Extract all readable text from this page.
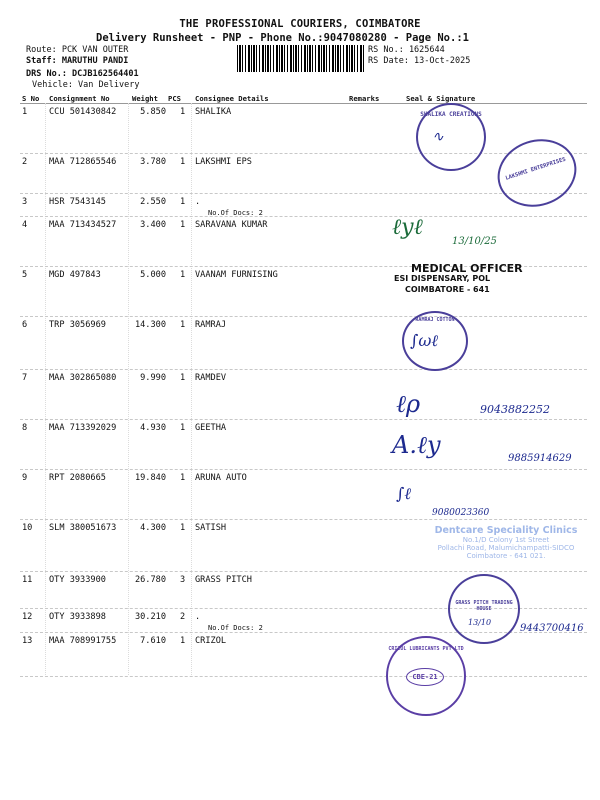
THE PROFESSIONAL COURIERS, COIMBATORE
Delivery Runsheet - PNP - Phone No.:9047080280 - Page No.:1
Route: PCK VAN OUTER
Staff: MARUTHU PANDI
DRS No.: DCJB162564401
Vehicle: Van Delivery
RS No.: 1625644
RS Date: 13-Oct-2025
S No Consignment No	Weight PCS Consignee Details	Remarks	Seal & Signature
1	CCU 501430842	5.850 1 SHALIKA
2	MAA 712865546	3.780 1 LAKSHMI EPS
3	HSR 7543145	2.550 1 .
No.Of Docs: 2
4	MAA 713434527	3.400 1 SARAVANA KUMAR
5	MGD 497843	5.000 1 VAANAM FURNISING
6	TRP 3056969	14.300 1 RAMRAJ
7	MAA 302865080	9.990 1 RAMDEV
8	MAA 713392029	4.930 1 GEETHA
9	RPT 2080665	19.840 1 ARUNA AUTO
10 SLM 380051673	4.300 1 SATISH
11 OTY 3933900	26.780 3 GRASS PITCH
12 OTY 3933898	30.210 2 .
No.Of Docs: 2
13 MAA 708991755	7.610 1 CRIZOL
SHALIKA CREATIONS
∿
LAKSHMI ENTERPRISES
ℓyℓ
13/10/25
MEDICAL OFFICER
ESI DISPENSARY, POL
COIMBATORE - 641
RAMRAJ COTTON
∫ωℓ
ℓρ	9043882252
A.ℓy	9885914629
∫ℓ
9080023360
Dentcare Speciality Clinics
No.1/D Colony 1st Street
Pollachi Road, Malumichampatti-SIDCO
Coimbatore - 641 021.
GRASS PITCH TRADING HOUSE
13/10
9443700416
CRIZOL LUBRICANTS PVT LTD
CBE-21
